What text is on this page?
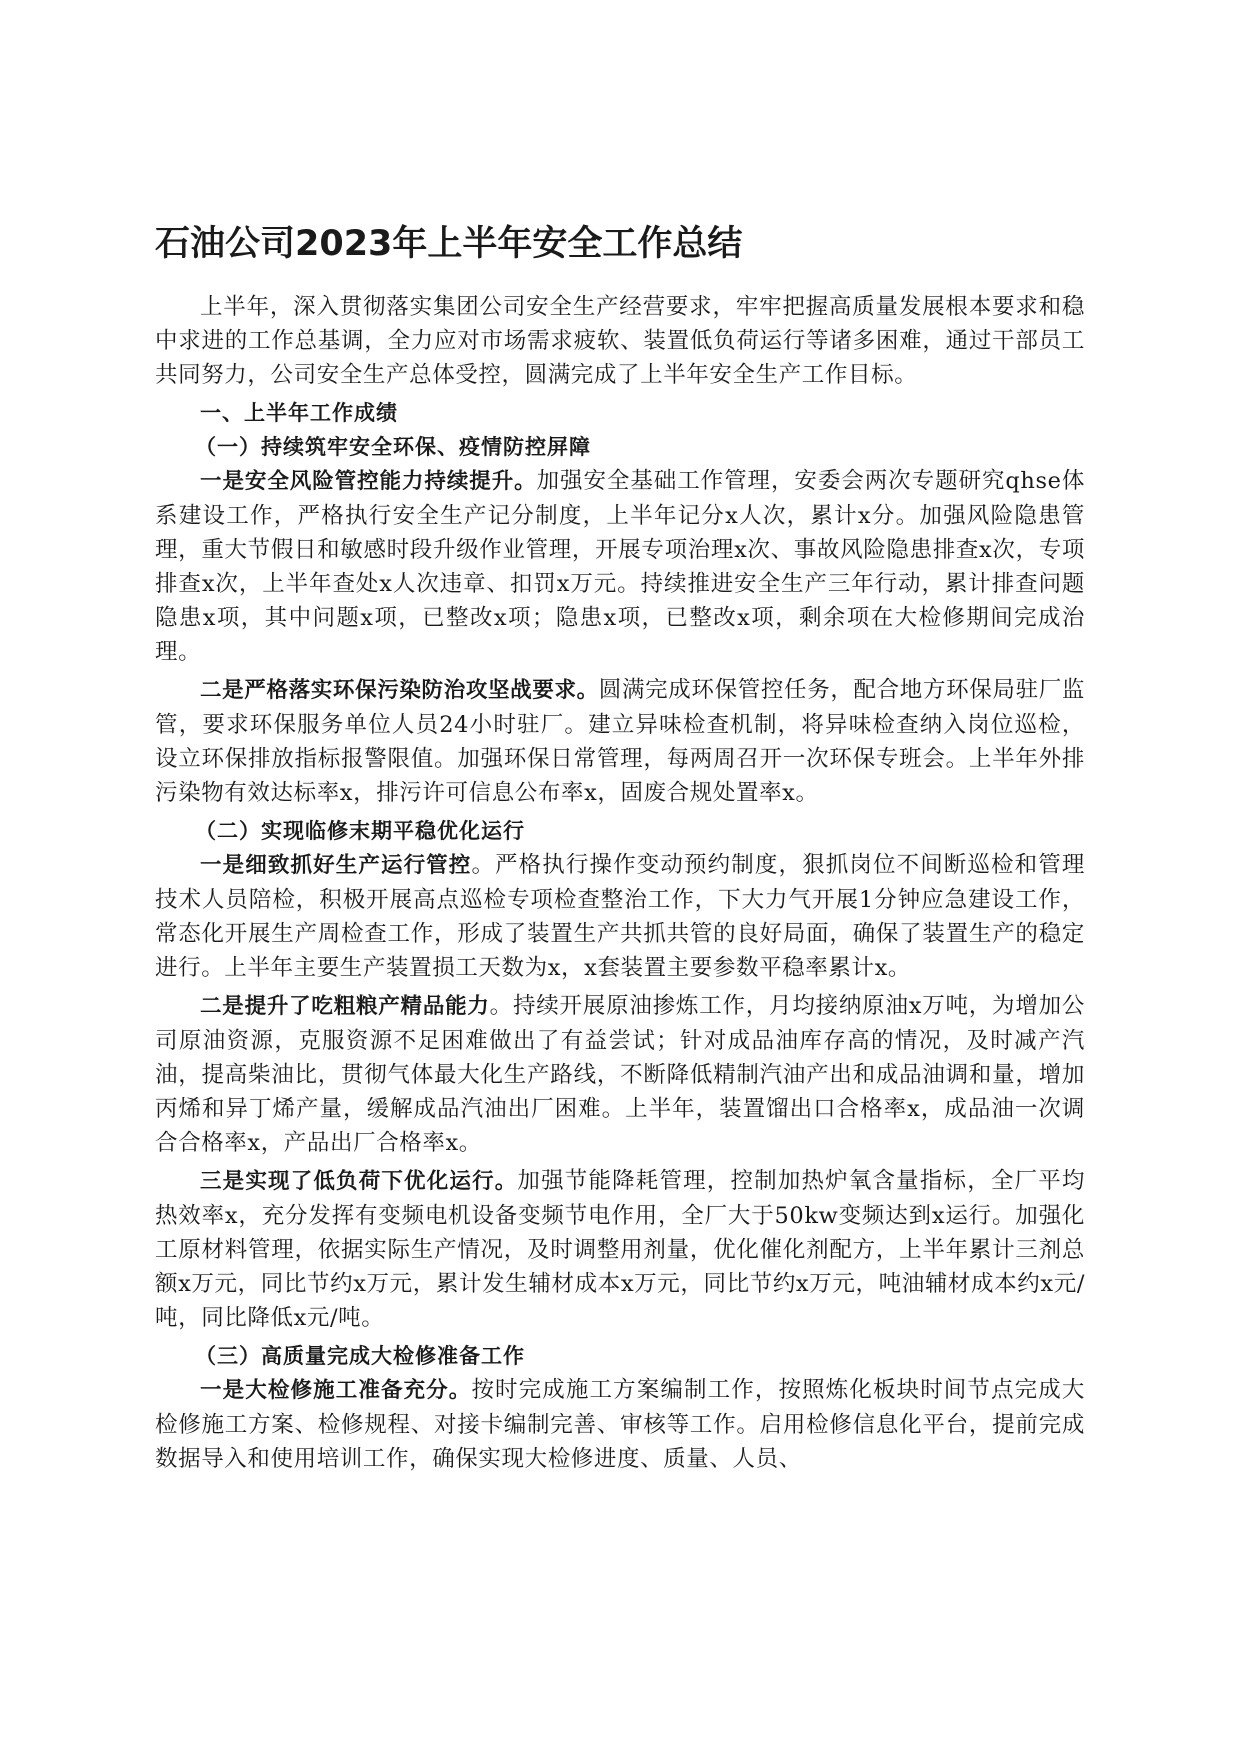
石油公司2023年上半年安全工作总结

上半年，深入贯彻落实集团公司安全生产经营要求，牢牢把握高质量发展根本要求和稳中求进的工作总基调，全力应对市场需求疲软、装置低负荷运行等诸多困难，通过干部员工共同努力，公司安全生产总体受控，圆满完成了上半年安全生产工作目标。

一、上半年工作成绩
（一）持续筑牢安全环保、疫情防控屏障

一是安全风险管控能力持续提升。加强安全基础工作管理，安委会两次专题研究qhse体系建设工作，严格执行安全生产记分制度，上半年记分x人次，累计x分。加强风险隐患管理，重大节假日和敏感时段升级作业管理，开展专项治理x次、事故风险隐患排查x次，专项排查x次，上半年查处x人次违章、扣罚x万元。持续推进安全生产三年行动，累计排查问题隐患x项，其中问题x项，已整改x项；隐患x项，已整改x项，剩余项在大检修期间完成治理。

二是严格落实环保污染防治攻坚战要求。圆满完成环保管控任务，配合地方环保局驻厂监管，要求环保服务单位人员24小时驻厂。建立异味检查机制，将异味检查纳入岗位巡检，设立环保排放指标报警限值。加强环保日常管理，每两周召开一次环保专班会。上半年外排污染物有效达标率x，排污许可信息公布率x，固废合规处置率x。

（二）实现临修末期平稳优化运行

一是细致抓好生产运行管控。严格执行操作变动预约制度，狠抓岗位不间断巡检和管理技术人员陪检，积极开展高点巡检专项检查整治工作，下大力气开展1分钟应急建设工作，常态化开展生产周检查工作，形成了装置生产共抓共管的良好局面，确保了装置生产的稳定进行。上半年主要生产装置损工天数为x，x套装置主要参数平稳率累计x。

二是提升了吃粗粮产精品能力。持续开展原油掺炼工作，月均接纳原油x万吨，为增加公司原油资源，克服资源不足困难做出了有益尝试；针对成品油库存高的情况，及时减产汽油，提高柴油比，贯彻气体最大化生产路线，不断降低精制汽油产出和成品油调和量，增加丙烯和异丁烯产量，缓解成品汽油出厂困难。上半年，装置馏出口合格率x，成品油一次调合合格率x，产品出厂合格率x。

三是实现了低负荷下优化运行。加强节能降耗管理，控制加热炉氧含量指标，全厂平均热效率x，充分发挥有变频电机设备变频节电作用，全厂大于50kw变频达到x运行。加强化工原材料管理，依据实际生产情况，及时调整用剂量，优化催化剂配方，上半年累计三剂总额x万元，同比节约x万元，累计发生辅材成本x万元，同比节约x万元，吨油辅材成本约x元/吨，同比降低x元/吨。

（三）高质量完成大检修准备工作

一是大检修施工准备充分。按时完成施工方案编制工作，按照炼化板块时间节点完成大检修施工方案、检修规程、对接卡编制完善、审核等工作。启用检修信息化平台，提前完成数据导入和使用培训工作，确保实现大检修进度、质量、人员、
